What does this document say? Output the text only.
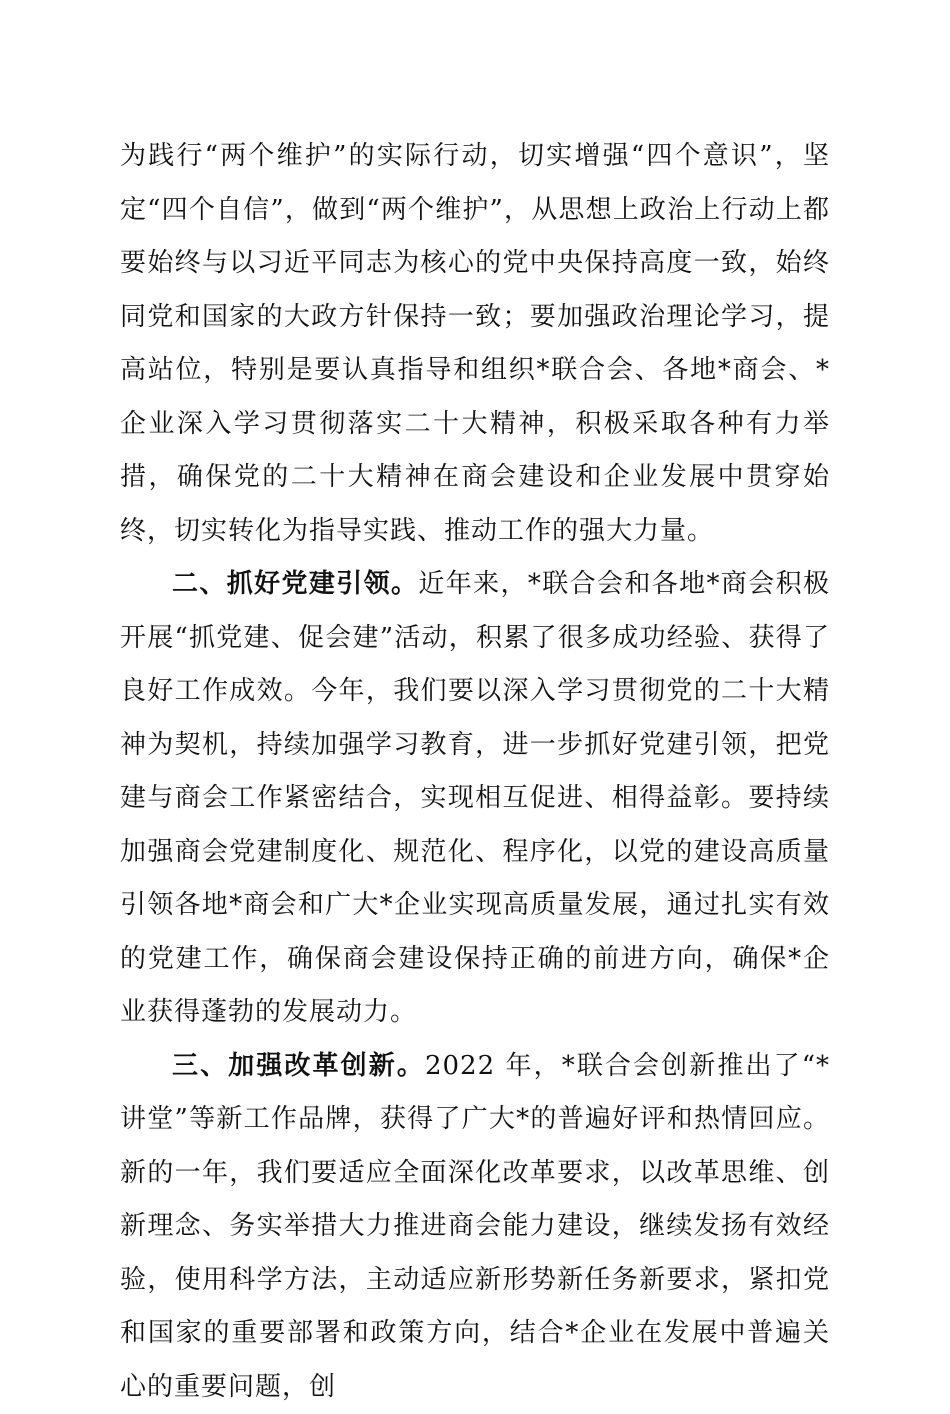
为践行“两个维护”的实际行动，切实增强“四个意识”，坚定“四个自信”，做到“两个维护”，从思想上政治上行动上都要始终与以习近平同志为核心的党中央保持高度一致，始终同党和国家的大政方针保持一致；要加强政治理论学习，提高站位，特别是要认真指导和组织*联合会、各地*商会、*企业深入学习贯彻落实二十大精神，积极采取各种有力举措，确保党的二十大精神在商会建设和企业发展中贯穿始终，切实转化为指导实践、推动工作的强大力量。

二、抓好党建引领。近年来，*联合会和各地*商会积极开展“抓党建、促会建”活动，积累了很多成功经验、获得了良好工作成效。今年，我们要以深入学习贯彻党的二十大精神为契机，持续加强学习教育，进一步抓好党建引领，把党建与商会工作紧密结合，实现相互促进、相得益彰。要持续加强商会党建制度化、规范化、程序化，以党的建设高质量引领各地*商会和广大*企业实现高质量发展，通过扎实有效的党建工作，确保商会建设保持正确的前进方向，确保*企业获得蓬勃的发展动力。

三、加强改革创新。2022 年，*联合会创新推出了“*讲堂”等新工作品牌，获得了广大*的普遍好评和热情回应。新的一年，我们要适应全面深化改革要求，以改革思维、创新理念、务实举措大力推进商会能力建设，继续发扬有效经验，使用科学方法，主动适应新形势新任务新要求，紧扣党和国家的重要部署和政策方向，结合*企业在发展中普遍关心的重要问题，创
